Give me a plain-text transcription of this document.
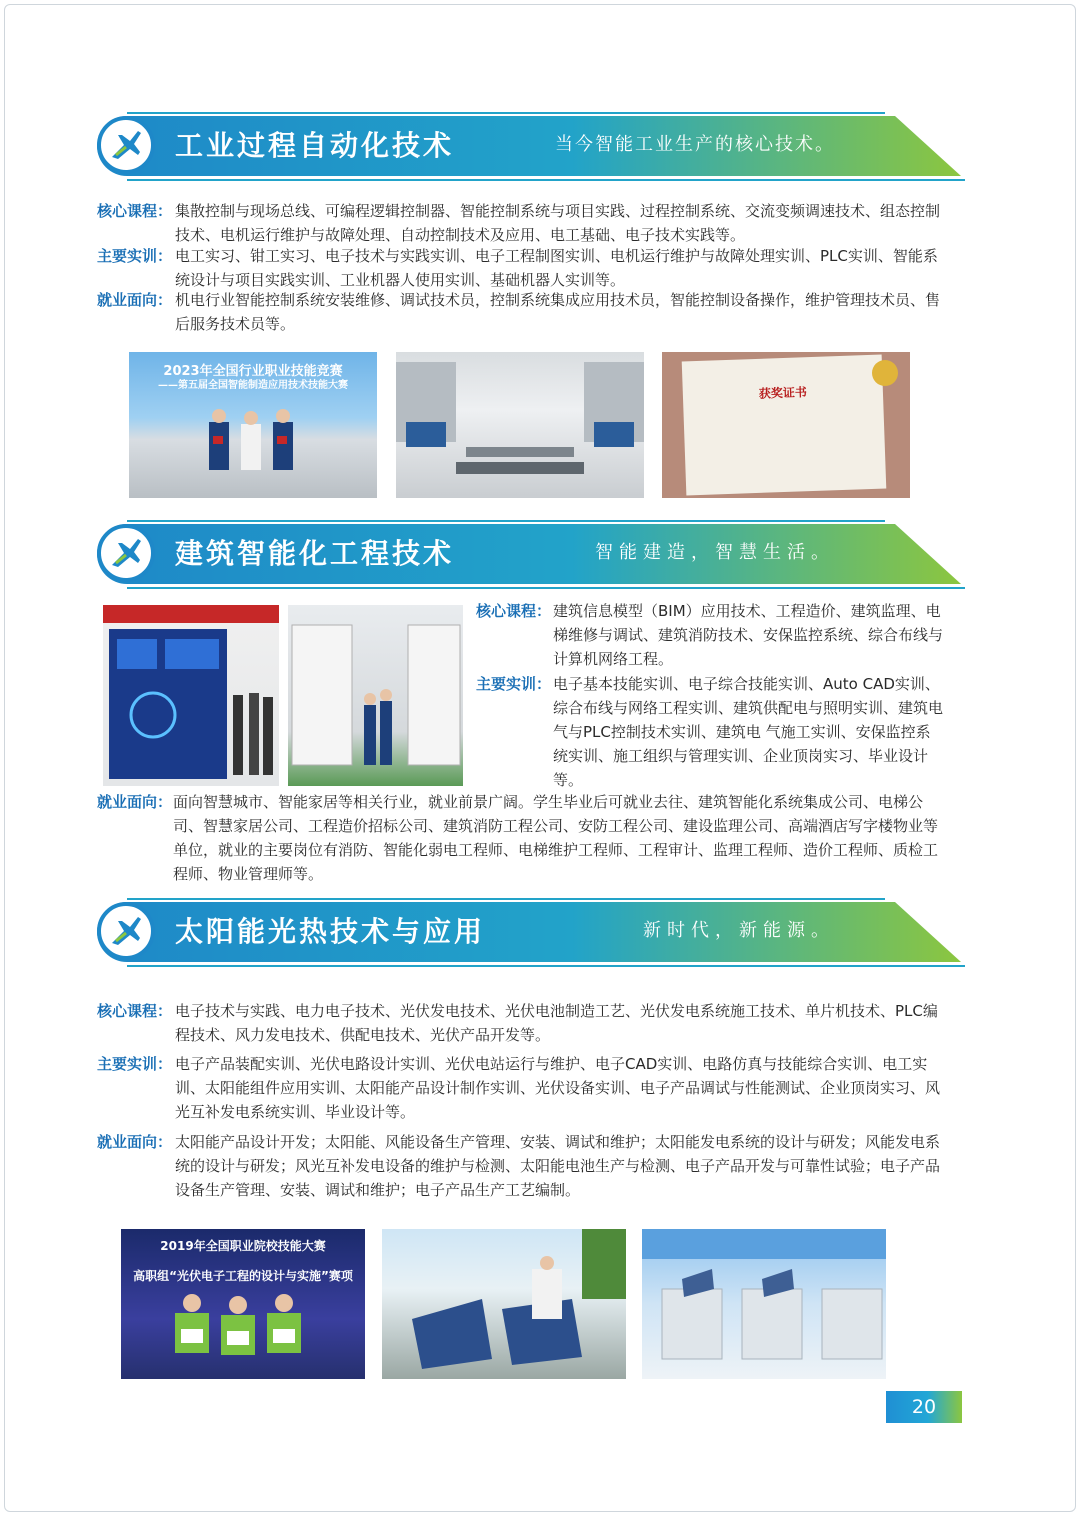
工业过程自动化技术	当今智能工业生产的核心技术。
核心课程： 集散控制与现场总线、可编程逻辑控制器、智能控制系统与项目实践、过程控制系统、交流变频调速技术、组态控制技术、电机运行维护与故障处理、自动控制技术及应用、电工基础、电子技术实践等。
主要实训： 电工实习、钳工实习、电子技术与实践实训、电子工程制图实训、电机运行维护与故障处理实训、PLC实训、智能系统设计与项目实践实训、工业机器人使用实训、基础机器人实训等。
就业面向： 机电行业智能控制系统安装维修、调试技术员，控制系统集成应用技术员，智能控制设备操作，维护管理技术员、售后服务技术员等。
2023年全国行业职业技能竞赛
——第五届全国智能制造应用技术技能大赛	获奖证书
建筑智能化工程技术	智能建造，智慧生活。
核心课程： 建筑信息模型（BIM）应用技术、工程造价、建筑监理、电梯维修与调试、建筑消防技术、安保监控系统、综合布线与计算机网络工程。
主要实训： 电子基本技能实训、电子综合技能实训、Auto CAD实训、综合布线与网络工程实训、建筑供配电与照明实训、建筑电气与PLC控制技术实训、建筑电 气施工实训、安保监控系统实训、施工组织与管理实训、企业顶岗实习、毕业设计等。
就业面向： 面向智慧城市、智能家居等相关行业，就业前景广阔。学生毕业后可就业去往、建筑智能化系统集成公司、电梯公司、智慧家居公司、工程造价招标公司、建筑消防工程公司、安防工程公司、建设监理公司、高端酒店写字楼物业等单位，就业的主要岗位有消防、智能化弱电工程师、电梯维护工程师、工程审计、监理工程师、造价工程师、质检工程师、物业管理师等。
太阳能光热技术与应用	新时代，新能源。
核心课程： 电子技术与实践、电力电子技术、光伏发电技术、光伏电池制造工艺、光伏发电系统施工技术、单片机技术、PLC编程技术、风力发电技术、供配电技术、光伏产品开发等。
主要实训： 电子产品装配实训、光伏电路设计实训、光伏电站运行与维护、电子CAD实训、电路仿真与技能综合实训、电工实训、太阳能组件应用实训、太阳能产品设计制作实训、光伏设备实训、电子产品调试与性能测试、企业顶岗实习、风光互补发电系统实训、毕业设计等。
就业面向： 太阳能产品设计开发；太阳能、风能设备生产管理、安装、调试和维护；太阳能发电系统的设计与研发；风能发电系统的设计与研发；风光互补发电设备的维护与检测、太阳能电池生产与检测、电子产品开发与可靠性试验；电子产品设备生产管理、安装、调试和维护；电子产品生产工艺编制。
2019年全国职业院校技能大赛
高职组“光伏电子工程的设计与实施”赛项
20
